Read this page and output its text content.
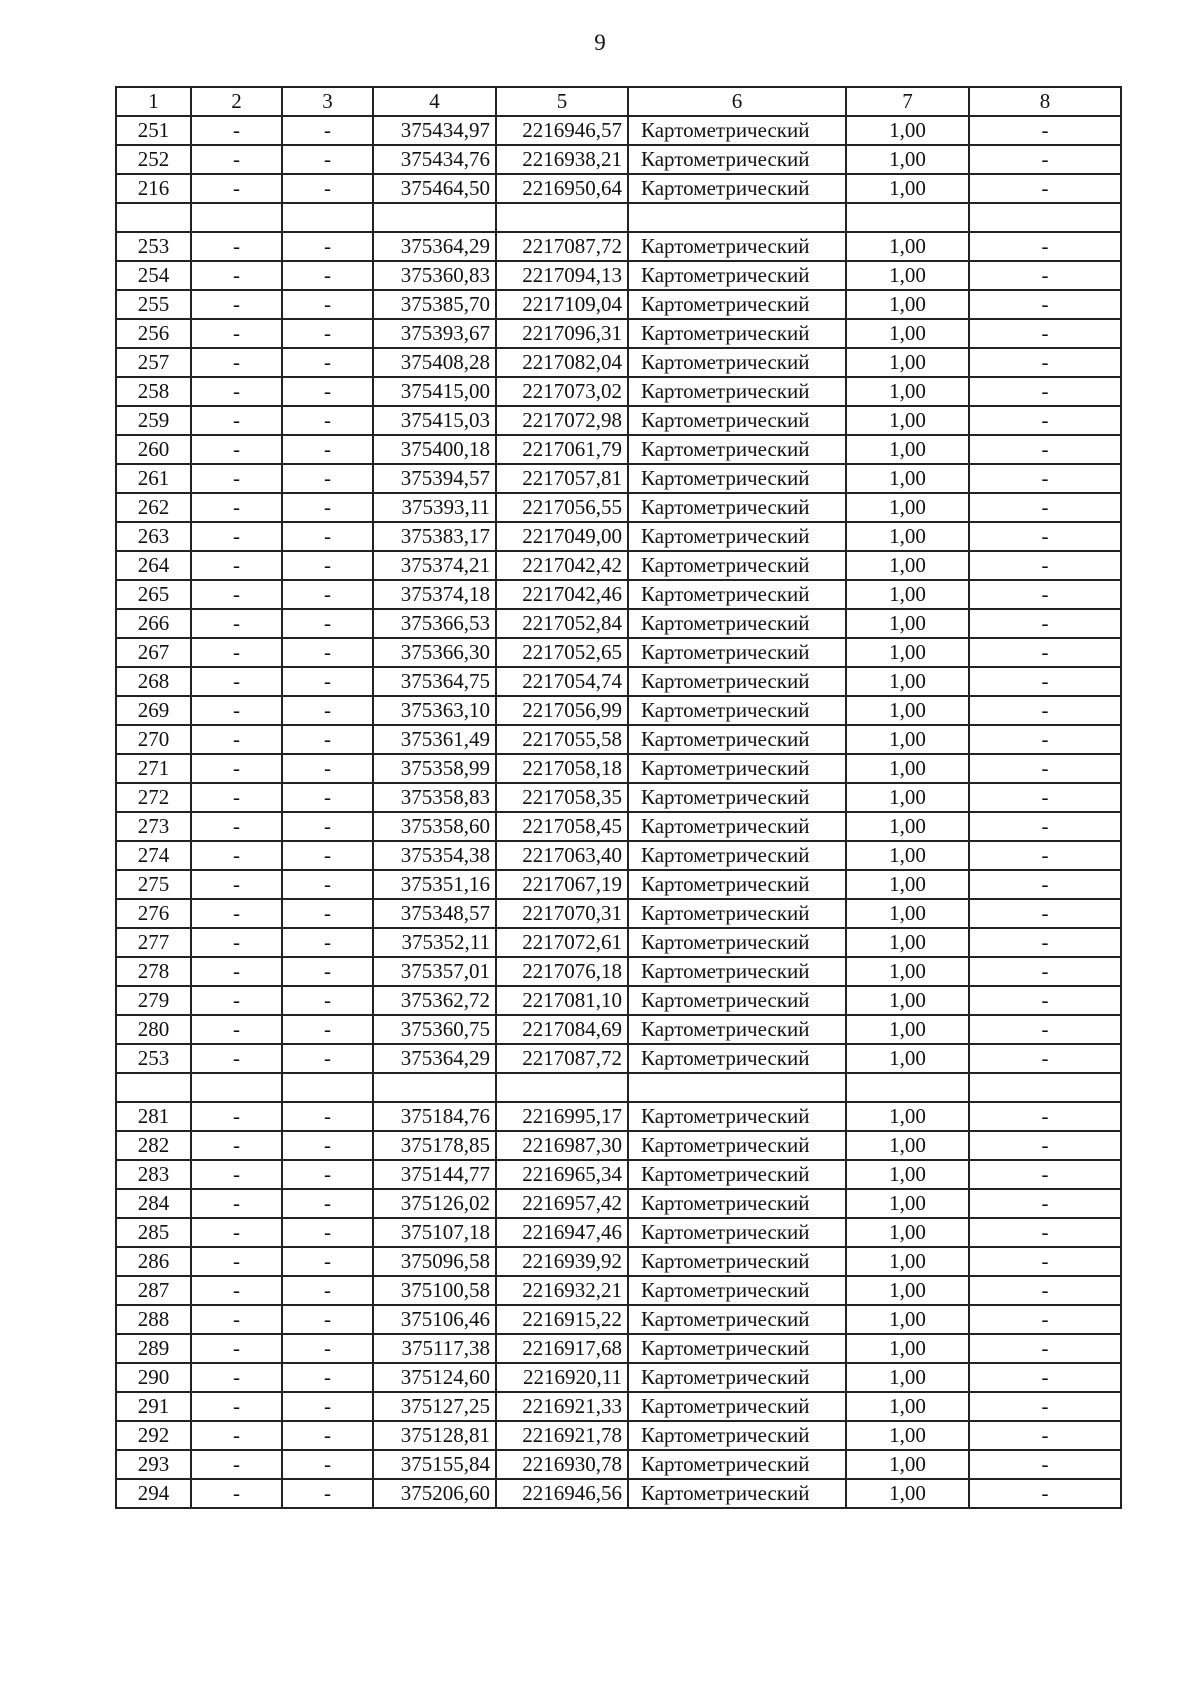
9
1	2	3	4	5	6	7	8
251	-	-	375434,97	2216946,57	Картометрический	1,00	-
252	-	-	375434,76	2216938,21	Картометрический	1,00	-
216	-	-	375464,50	2216950,64	Картометрический	1,00	-

253	-	-	375364,29	2217087,72	Картометрический	1,00	-
254	-	-	375360,83	2217094,13	Картометрический	1,00	-
255	-	-	375385,70	2217109,04	Картометрический	1,00	-
256	-	-	375393,67	2217096,31	Картометрический	1,00	-
257	-	-	375408,28	2217082,04	Картометрический	1,00	-
258	-	-	375415,00	2217073,02	Картометрический	1,00	-
259	-	-	375415,03	2217072,98	Картометрический	1,00	-
260	-	-	375400,18	2217061,79	Картометрический	1,00	-
261	-	-	375394,57	2217057,81	Картометрический	1,00	-
262	-	-	375393,11	2217056,55	Картометрический	1,00	-
263	-	-	375383,17	2217049,00	Картометрический	1,00	-
264	-	-	375374,21	2217042,42	Картометрический	1,00	-
265	-	-	375374,18	2217042,46	Картометрический	1,00	-
266	-	-	375366,53	2217052,84	Картометрический	1,00	-
267	-	-	375366,30	2217052,65	Картометрический	1,00	-
268	-	-	375364,75	2217054,74	Картометрический	1,00	-
269	-	-	375363,10	2217056,99	Картометрический	1,00	-
270	-	-	375361,49	2217055,58	Картометрический	1,00	-
271	-	-	375358,99	2217058,18	Картометрический	1,00	-
272	-	-	375358,83	2217058,35	Картометрический	1,00	-
273	-	-	375358,60	2217058,45	Картометрический	1,00	-
274	-	-	375354,38	2217063,40	Картометрический	1,00	-
275	-	-	375351,16	2217067,19	Картометрический	1,00	-
276	-	-	375348,57	2217070,31	Картометрический	1,00	-
277	-	-	375352,11	2217072,61	Картометрический	1,00	-
278	-	-	375357,01	2217076,18	Картометрический	1,00	-
279	-	-	375362,72	2217081,10	Картометрический	1,00	-
280	-	-	375360,75	2217084,69	Картометрический	1,00	-
253	-	-	375364,29	2217087,72	Картометрический	1,00	-

281	-	-	375184,76	2216995,17	Картометрический	1,00	-
282	-	-	375178,85	2216987,30	Картометрический	1,00	-
283	-	-	375144,77	2216965,34	Картометрический	1,00	-
284	-	-	375126,02	2216957,42	Картометрический	1,00	-
285	-	-	375107,18	2216947,46	Картометрический	1,00	-
286	-	-	375096,58	2216939,92	Картометрический	1,00	-
287	-	-	375100,58	2216932,21	Картометрический	1,00	-
288	-	-	375106,46	2216915,22	Картометрический	1,00	-
289	-	-	375117,38	2216917,68	Картометрический	1,00	-
290	-	-	375124,60	2216920,11	Картометрический	1,00	-
291	-	-	375127,25	2216921,33	Картометрический	1,00	-
292	-	-	375128,81	2216921,78	Картометрический	1,00	-
293	-	-	375155,84	2216930,78	Картометрический	1,00	-
294	-	-	375206,60	2216946,56	Картометрический	1,00	-
